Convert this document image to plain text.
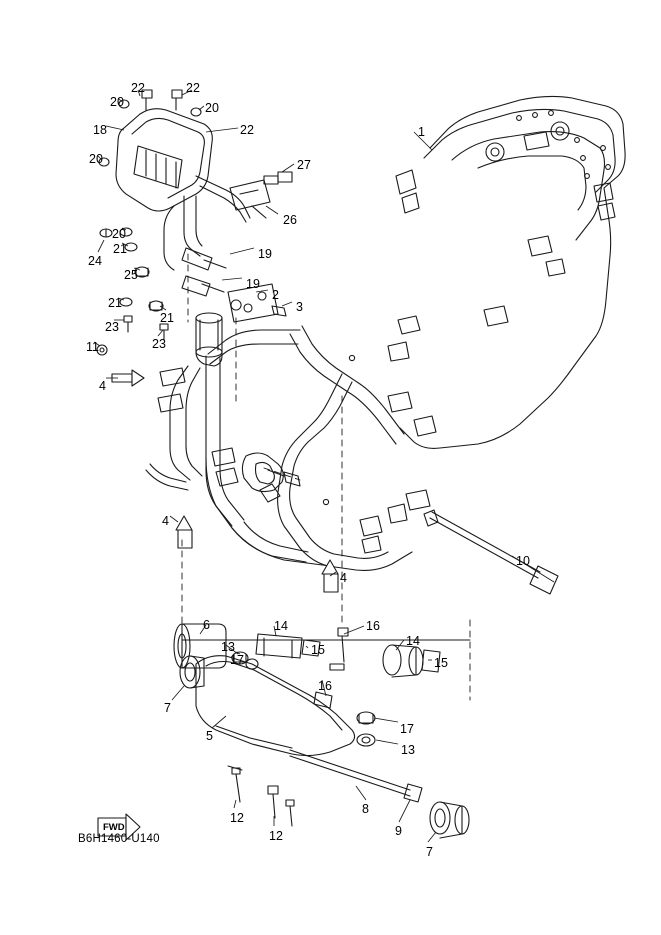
22	22
20	20
18	22
20	27
26
20
21	19
24
25
19
21
21
2
3
23
23
11
1
4
4
4
10
6	14
15
16
14
15
17
13
16
17
7
5
13
12
12
8
9
7
FWD
B6H1460-U140
